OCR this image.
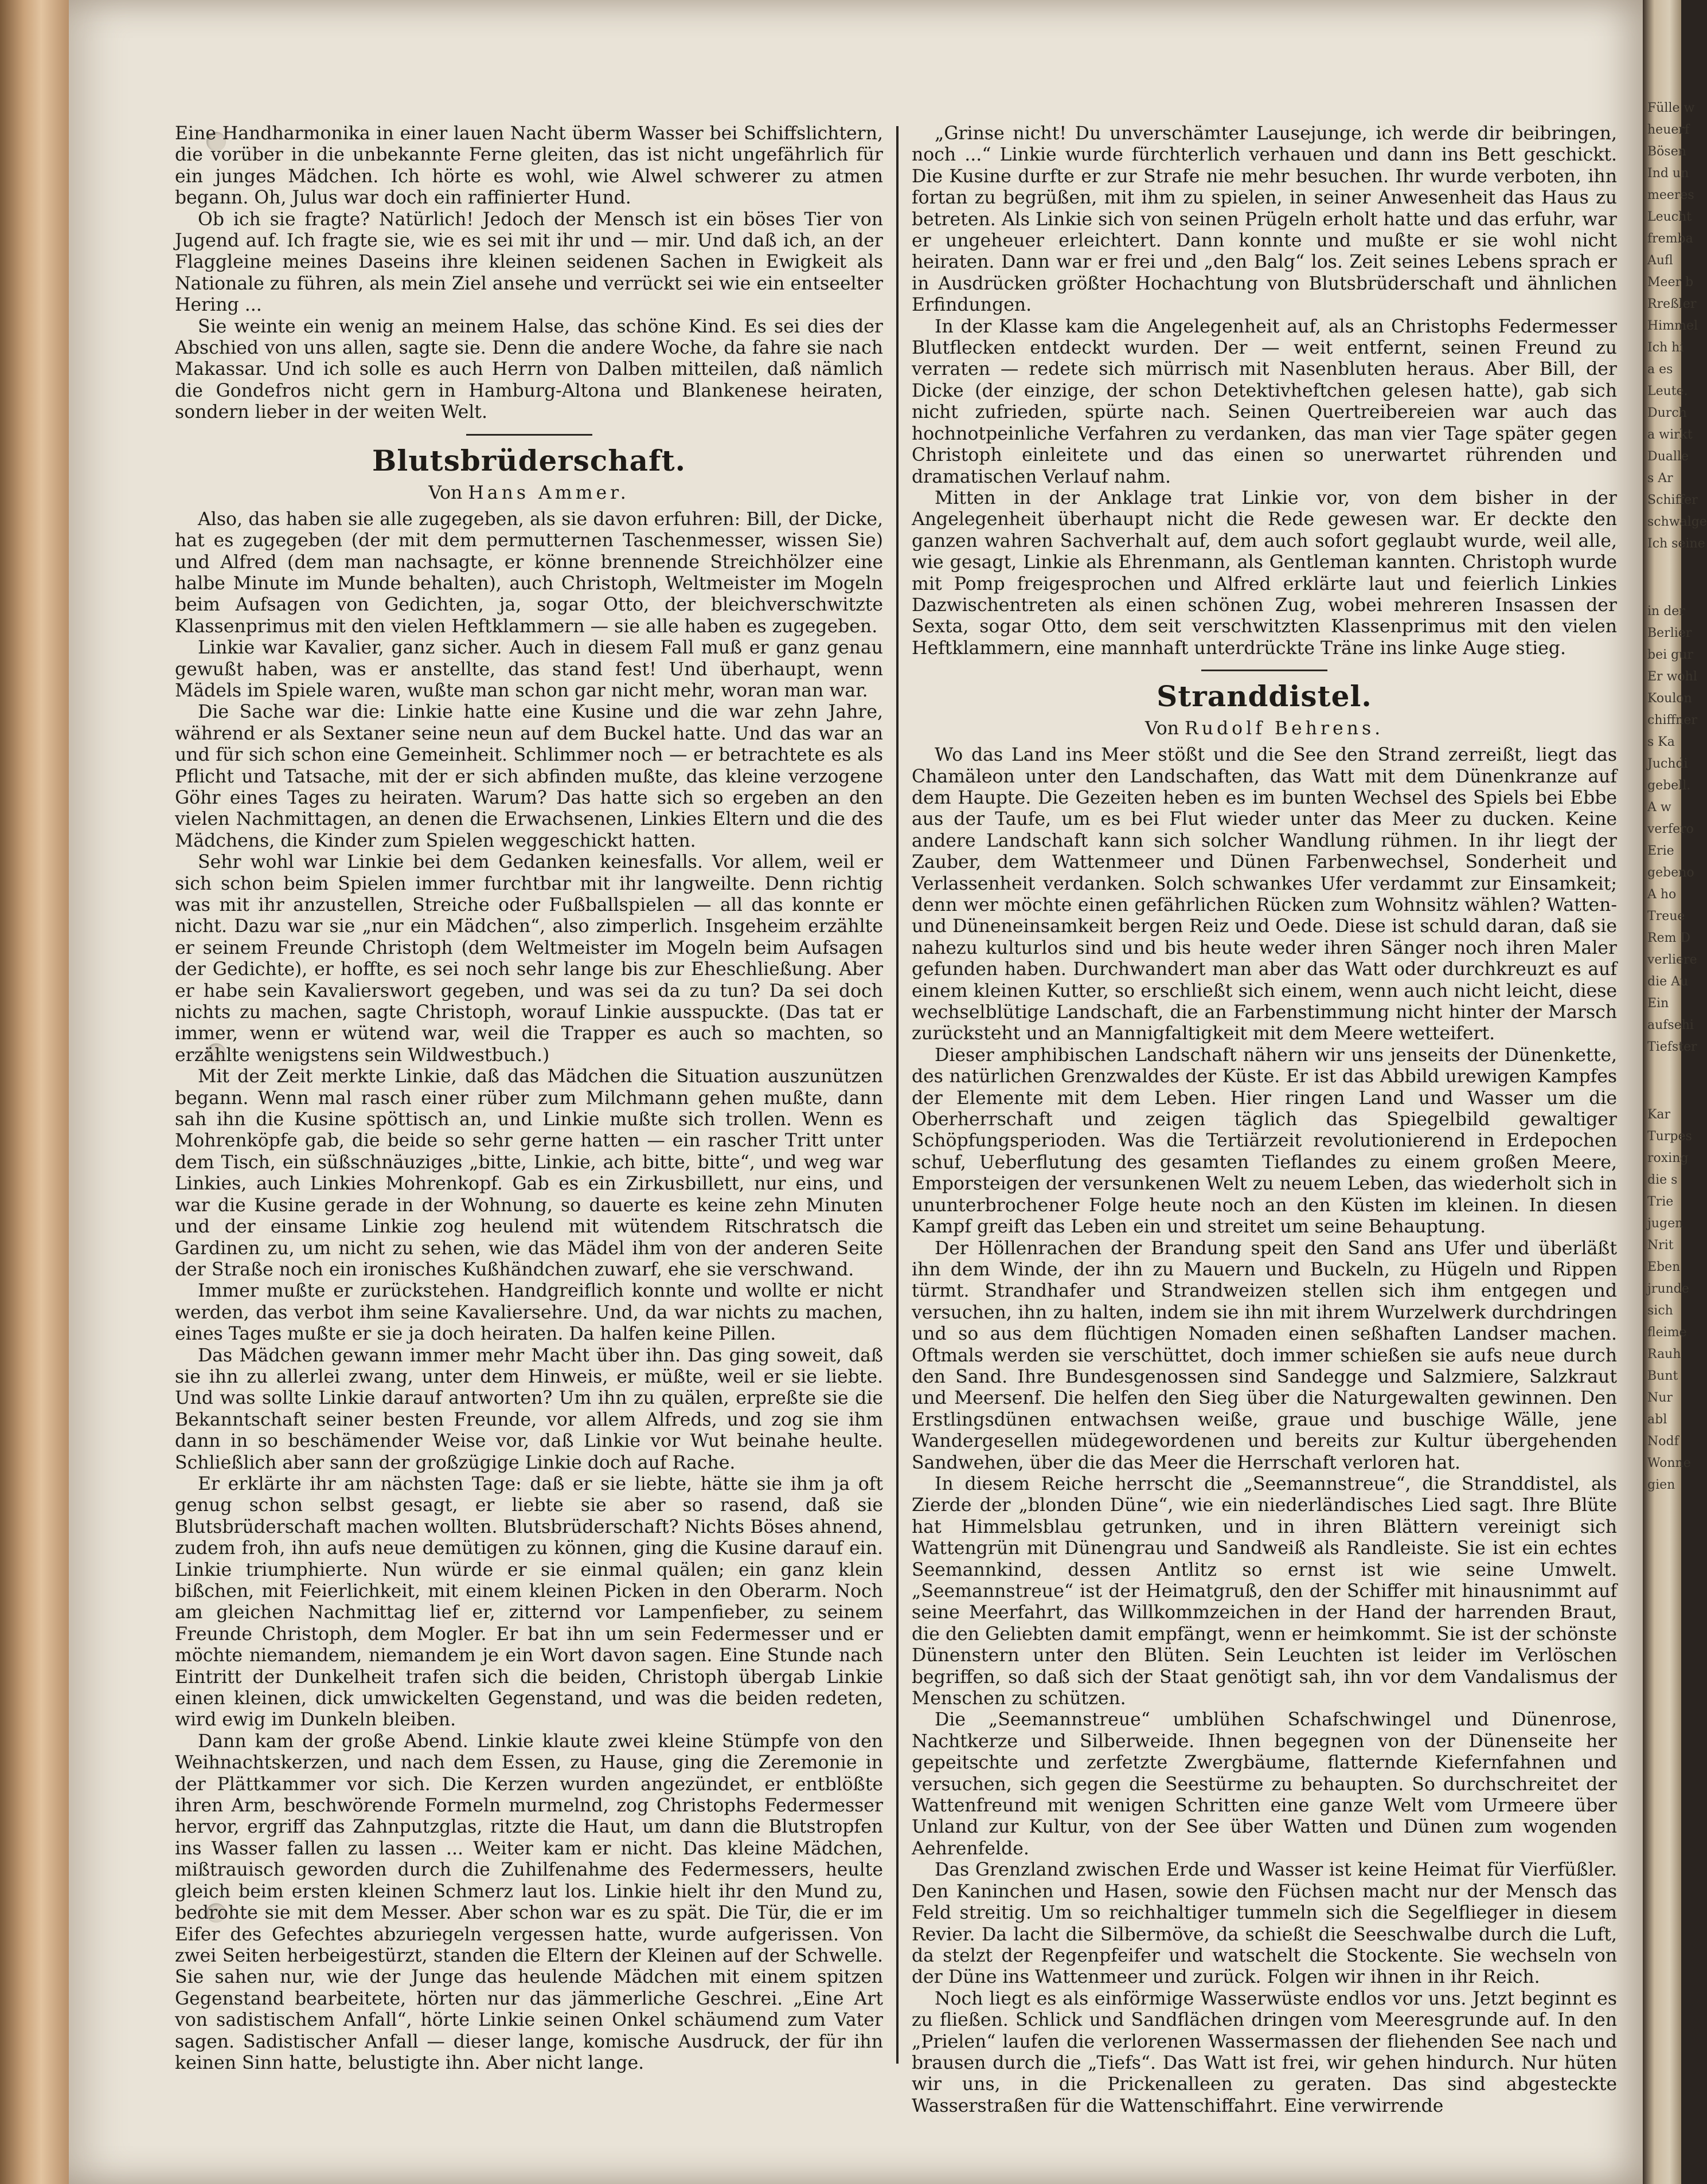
Eine Handharmonika in einer lauen Nacht überm Wasser bei Schiffslichtern, die vorüber in die unbekannte Ferne gleiten, das ist nicht ungefährlich für ein junges Mädchen. Ich hörte es wohl, wie Alwel schwerer zu atmen begann. Oh, Julus war doch ein raffinierter Hund.

Ob ich sie fragte? Natürlich! Jedoch der Mensch ist ein böses Tier von Jugend auf. Ich fragte sie, wie es sei mit ihr und — mir. Und daß ich, an der Flaggleine meines Daseins ihre kleinen seidenen Sachen in Ewigkeit als Nationale zu führen, als mein Ziel ansehe und verrückt sei wie ein entseelter Hering ...

Sie weinte ein wenig an meinem Halse, das schöne Kind. Es sei dies der Abschied von uns allen, sagte sie. Denn die andere Woche, da fahre sie nach Makassar. Und ich solle es auch Herrn von Dalben mitteilen, daß nämlich die Gondefros nicht gern in Hamburg-Altona und Blankenese heiraten, sondern lieber in der weiten Welt.

Blutsbrüderschaft.
Von Hans Ammer.

Also, das haben sie alle zugegeben, als sie davon erfuhren: Bill, der Dicke, hat es zugegeben (der mit dem permutternen Taschenmesser, wissen Sie) und Alfred (dem man nachsagte, er könne brennende Streichhölzer eine halbe Minute im Munde behalten), auch Christoph, Weltmeister im Mogeln beim Aufsagen von Gedichten, ja, sogar Otto, der bleichverschwitzte Klassenprimus mit den vielen Heftklammern — sie alle haben es zugegeben.

Linkie war Kavalier, ganz sicher. Auch in diesem Fall muß er ganz genau gewußt haben, was er anstellte, das stand fest! Und überhaupt, wenn Mädels im Spiele waren, wußte man schon gar nicht mehr, woran man war.

Die Sache war die: Linkie hatte eine Kusine und die war zehn Jahre, während er als Sextaner seine neun auf dem Buckel hatte. Und das war an und für sich schon eine Gemeinheit. Schlimmer noch — er betrachtete es als Pflicht und Tatsache, mit der er sich abfinden mußte, das kleine verzogene Göhr eines Tages zu heiraten. Warum? Das hatte sich so ergeben an den vielen Nachmittagen, an denen die Erwachsenen, Linkies Eltern und die des Mädchens, die Kinder zum Spielen weggeschickt hatten.

Sehr wohl war Linkie bei dem Gedanken keinesfalls. Vor allem, weil er sich schon beim Spielen immer furchtbar mit ihr langweilte. Denn richtig was mit ihr anzustellen, Streiche oder Fußballspielen — all das konnte er nicht. Dazu war sie „nur ein Mädchen“, also zimperlich. Insgeheim erzählte er seinem Freunde Christoph (dem Weltmeister im Mogeln beim Aufsagen der Gedichte), er hoffte, es sei noch sehr lange bis zur Eheschließung. Aber er habe sein Kavalierswort gegeben, und was sei da zu tun? Da sei doch nichts zu machen, sagte Christoph, worauf Linkie ausspuckte. (Das tat er immer, wenn er wütend war, weil die Trapper es auch so machten, so erzählte wenigstens sein Wildwestbuch.)

Mit der Zeit merkte Linkie, daß das Mädchen die Situation auszunützen begann. Wenn mal rasch einer rüber zum Milchmann gehen mußte, dann sah ihn die Kusine spöttisch an, und Linkie mußte sich trollen. Wenn es Mohrenköpfe gab, die beide so sehr gerne hatten — ein rascher Tritt unter dem Tisch, ein süßschnäuziges „bitte, Linkie, ach bitte, bitte“, und weg war Linkies, auch Linkies Mohrenkopf. Gab es ein Zirkusbillett, nur eins, und war die Kusine gerade in der Wohnung, so dauerte es keine zehn Minuten und der einsame Linkie zog heulend mit wütendem Ritschratsch die Gardinen zu, um nicht zu sehen, wie das Mädel ihm von der anderen Seite der Straße noch ein ironisches Kußhändchen zuwarf, ehe sie verschwand.

Immer mußte er zurückstehen. Handgreiflich konnte und wollte er nicht werden, das verbot ihm seine Kavaliersehre. Und, da war nichts zu machen, eines Tages mußte er sie ja doch heiraten. Da halfen keine Pillen.

Das Mädchen gewann immer mehr Macht über ihn. Das ging soweit, daß sie ihn zu allerlei zwang, unter dem Hinweis, er müßte, weil er sie liebte. Und was sollte Linkie darauf antworten? Um ihn zu quälen, erpreßte sie die Bekanntschaft seiner besten Freunde, vor allem Alfreds, und zog sie ihm dann in so beschämender Weise vor, daß Linkie vor Wut beinahe heulte. Schließlich aber sann der großzügige Linkie doch auf Rache.

Er erklärte ihr am nächsten Tage: daß er sie liebte, hätte sie ihm ja oft genug schon selbst gesagt, er liebte sie aber so rasend, daß sie Blutsbrüderschaft machen wollten. Blutsbrüderschaft? Nichts Böses ahnend, zudem froh, ihn aufs neue demütigen zu können, ging die Kusine darauf ein. Linkie triumphierte. Nun würde er sie einmal quälen; ein ganz klein bißchen, mit Feierlichkeit, mit einem kleinen Picken in den Oberarm. Noch am gleichen Nachmittag lief er, zitternd vor Lampenfieber, zu seinem Freunde Christoph, dem Mogler. Er bat ihn um sein Federmesser und er möchte niemandem, niemandem je ein Wort davon sagen. Eine Stunde nach Eintritt der Dunkelheit trafen sich die beiden, Christoph übergab Linkie einen kleinen, dick umwickelten Gegenstand, und was die beiden redeten, wird ewig im Dunkeln bleiben.

Dann kam der große Abend. Linkie klaute zwei kleine Stümpfe von den Weihnachtskerzen, und nach dem Essen, zu Hause, ging die Zeremonie in der Plättkammer vor sich. Die Kerzen wurden angezündet, er entblößte ihren Arm, beschwörende Formeln murmelnd, zog Christophs Federmesser hervor, ergriff das Zahnputzglas, ritzte die Haut, um dann die Blutstropfen ins Wasser fallen zu lassen ... Weiter kam er nicht. Das kleine Mädchen, mißtrauisch geworden durch die Zuhilfenahme des Federmessers, heulte gleich beim ersten kleinen Schmerz laut los. Linkie hielt ihr den Mund zu, bedrohte sie mit dem Messer. Aber schon war es zu spät. Die Tür, die er im Eifer des Gefechtes abzuriegeln vergessen hatte, wurde aufgerissen. Von zwei Seiten herbeigestürzt, standen die Eltern der Kleinen auf der Schwelle. Sie sahen nur, wie der Junge das heulende Mädchen mit einem spitzen Gegenstand bearbeitete, hörten nur das jämmerliche Geschrei. „Eine Art von sadistischem Anfall“, hörte Linkie seinen Onkel schäumend zum Vater sagen. Sadistischer Anfall — dieser lange, komische Ausdruck, der für ihn keinen Sinn hatte, belustigte ihn. Aber nicht lange.

„Grinse nicht! Du unverschämter Lausejunge, ich werde dir beibringen, noch ...“ Linkie wurde fürchterlich verhauen und dann ins Bett geschickt. Die Kusine durfte er zur Strafe nie mehr besuchen. Ihr wurde verboten, ihn fortan zu begrüßen, mit ihm zu spielen, in seiner Anwesenheit das Haus zu betreten. Als Linkie sich von seinen Prügeln erholt hatte und das erfuhr, war er ungeheuer erleichtert. Dann konnte und mußte er sie wohl nicht heiraten. Dann war er frei und „den Balg“ los. Zeit seines Lebens sprach er in Ausdrücken größter Hochachtung von Blutsbrüderschaft und ähnlichen Erfindungen.

In der Klasse kam die Angelegenheit auf, als an Christophs Federmesser Blutflecken entdeckt wurden. Der — weit entfernt, seinen Freund zu verraten — redete sich mürrisch mit Nasenbluten heraus. Aber Bill, der Dicke (der einzige, der schon Detektivheftchen gelesen hatte), gab sich nicht zufrieden, spürte nach. Seinen Quertreibereien war auch das hochnotpeinliche Verfahren zu verdanken, das man vier Tage später gegen Christoph einleitete und das einen so unerwartet rührenden und dramatischen Verlauf nahm.

Mitten in der Anklage trat Linkie vor, von dem bisher in der Angelegenheit überhaupt nicht die Rede gewesen war. Er deckte den ganzen wahren Sachverhalt auf, dem auch sofort geglaubt wurde, weil alle, wie gesagt, Linkie als Ehrenmann, als Gentleman kannten. Christoph wurde mit Pomp freigesprochen und Alfred erklärte laut und feierlich Linkies Dazwischentreten als einen schönen Zug, wobei mehreren Insassen der Sexta, sogar Otto, dem seit verschwitzten Klassenprimus mit den vielen Heftklammern, eine mannhaft unterdrückte Träne ins linke Auge stieg.

Stranddistel.
Von Rudolf Behrens.

Wo das Land ins Meer stößt und die See den Strand zerreißt, liegt das Chamäleon unter den Landschaften, das Watt mit dem Dünenkranze auf dem Haupte. Die Gezeiten heben es im bunten Wechsel des Spiels bei Ebbe aus der Taufe, um es bei Flut wieder unter das Meer zu ducken. Keine andere Landschaft kann sich solcher Wandlung rühmen. In ihr liegt der Zauber, dem Wattenmeer und Dünen Farbenwechsel, Sonderheit und Verlassenheit verdanken. Solch schwankes Ufer verdammt zur Einsamkeit; denn wer möchte einen gefährlichen Rücken zum Wohnsitz wählen? Watten- und Düneneinsamkeit bergen Reiz und Oede. Diese ist schuld daran, daß sie nahezu kulturlos sind und bis heute weder ihren Sänger noch ihren Maler gefunden haben. Durchwandert man aber das Watt oder durchkreuzt es auf einem kleinen Kutter, so erschließt sich einem, wenn auch nicht leicht, diese wechselblütige Landschaft, die an Farbenstimmung nicht hinter der Marsch zurücksteht und an Mannigfaltigkeit mit dem Meere wetteifert.

Dieser amphibischen Landschaft nähern wir uns jenseits der Dünenkette, des natürlichen Grenzwaldes der Küste. Er ist das Abbild urewigen Kampfes der Elemente mit dem Leben. Hier ringen Land und Wasser um die Oberherrschaft und zeigen täglich das Spiegelbild gewaltiger Schöpfungsperioden. Was die Tertiärzeit revolutionierend in Erdepochen schuf, Ueberflutung des gesamten Tieflandes zu einem großen Meere, Emporsteigen der versunkenen Welt zu neuem Leben, das wiederholt sich in ununterbrochener Folge heute noch an den Küsten im kleinen. In diesen Kampf greift das Leben ein und streitet um seine Behauptung.

Der Höllenrachen der Brandung speit den Sand ans Ufer und überläßt ihn dem Winde, der ihn zu Mauern und Buckeln, zu Hügeln und Rippen türmt. Strandhafer und Strandweizen stellen sich ihm entgegen und versuchen, ihn zu halten, indem sie ihn mit ihrem Wurzelwerk durchdringen und so aus dem flüchtigen Nomaden einen seßhaften Landser machen. Oftmals werden sie verschüttet, doch immer schießen sie aufs neue durch den Sand. Ihre Bundesgenossen sind Sandegge und Salzmiere, Salzkraut und Meersenf. Die helfen den Sieg über die Naturgewalten gewinnen. Den Erstlingsdünen entwachsen weiße, graue und buschige Wälle, jene Wandergesellen müdegewordenen und bereits zur Kultur übergehenden Sandwehen, über die das Meer die Herrschaft verloren hat.

In diesem Reiche herrscht die „Seemannstreue“, die Stranddistel, als Zierde der „blonden Düne“, wie ein niederländisches Lied sagt. Ihre Blüte hat Himmelsblau getrunken, und in ihren Blättern vereinigt sich Wattengrün mit Dünengrau und Sandweiß als Randleiste. Sie ist ein echtes Seemannkind, dessen Antlitz so ernst ist wie seine Umwelt. „Seemannstreue“ ist der Heimatgruß, den der Schiffer mit hinausnimmt auf seine Meerfahrt, das Willkommzeichen in der Hand der harrenden Braut, die den Geliebten damit empfängt, wenn er heimkommt. Sie ist der schönste Dünenstern unter den Blüten. Sein Leuchten ist leider im Verlöschen begriffen, so daß sich der Staat genötigt sah, ihn vor dem Vandalismus der Menschen zu schützen.

Die „Seemannstreue“ umblühen Schafschwingel und Dünenrose, Nachtkerze und Silberweide. Ihnen begegnen von der Dünenseite her gepeitschte und zerfetzte Zwergbäume, flatternde Kiefernfahnen und versuchen, sich gegen die Seestürme zu behaupten. So durchschreitet der Wattenfreund mit wenigen Schritten eine ganze Welt vom Urmeere über Unland zur Kultur, von der See über Watten und Dünen zum wogenden Aehrenfelde.

Das Grenzland zwischen Erde und Wasser ist keine Heimat für Vierfüßler. Den Kaninchen und Hasen, sowie den Füchsen macht nur der Mensch das Feld streitig. Um so reichhaltiger tummeln sich die Segelflieger in diesem Revier. Da lacht die Silbermöve, da schießt die Seeschwalbe durch die Luft, da stelzt der Regenpfeifer und watschelt die Stockente. Sie wechseln von der Düne ins Wattenmeer und zurück. Folgen wir ihnen in ihr Reich.

Noch liegt es als einförmige Wasserwüste endlos vor uns. Jetzt beginnt es zu fließen. Schlick und Sandflächen dringen vom Meeresgrunde auf. In den „Prielen“ laufen die verlorenen Wassermassen der fliehenden See nach und brausen durch die „Tiefs“. Das Watt ist frei, wir gehen hindurch. Nur hüten wir uns, in die Prickenalleen zu geraten. Das sind abgesteckte Wasserstraßen für die Wattenschiffahrt. Eine verwirrende

Fülle w
heuerf
Bösen
Ind un
meeres
Leucht
fremba
Aufl
Meer b
Rreßler
Himmel
Ich hi
a es
Leute.
Durch
a wirkt
Dualle
s Ar
Schiffer
schwalge
Ich seine
in der
Berlier
bei gur
Er wohl
Koulon
chiffner
s Ka
Juchdi
gebell.
A w
verfero
Erie
gebeno
A ho
Treue
Rem D
verliere
die Au
Ein
aufsehi
Tiefster
Kar
Turpes
roxing
die s
Trie
jugen
Nrit
Eben
jrunde
sich
fleime
Rauh
Bunt
Nur
abl
Nodf
Wonne
gien
